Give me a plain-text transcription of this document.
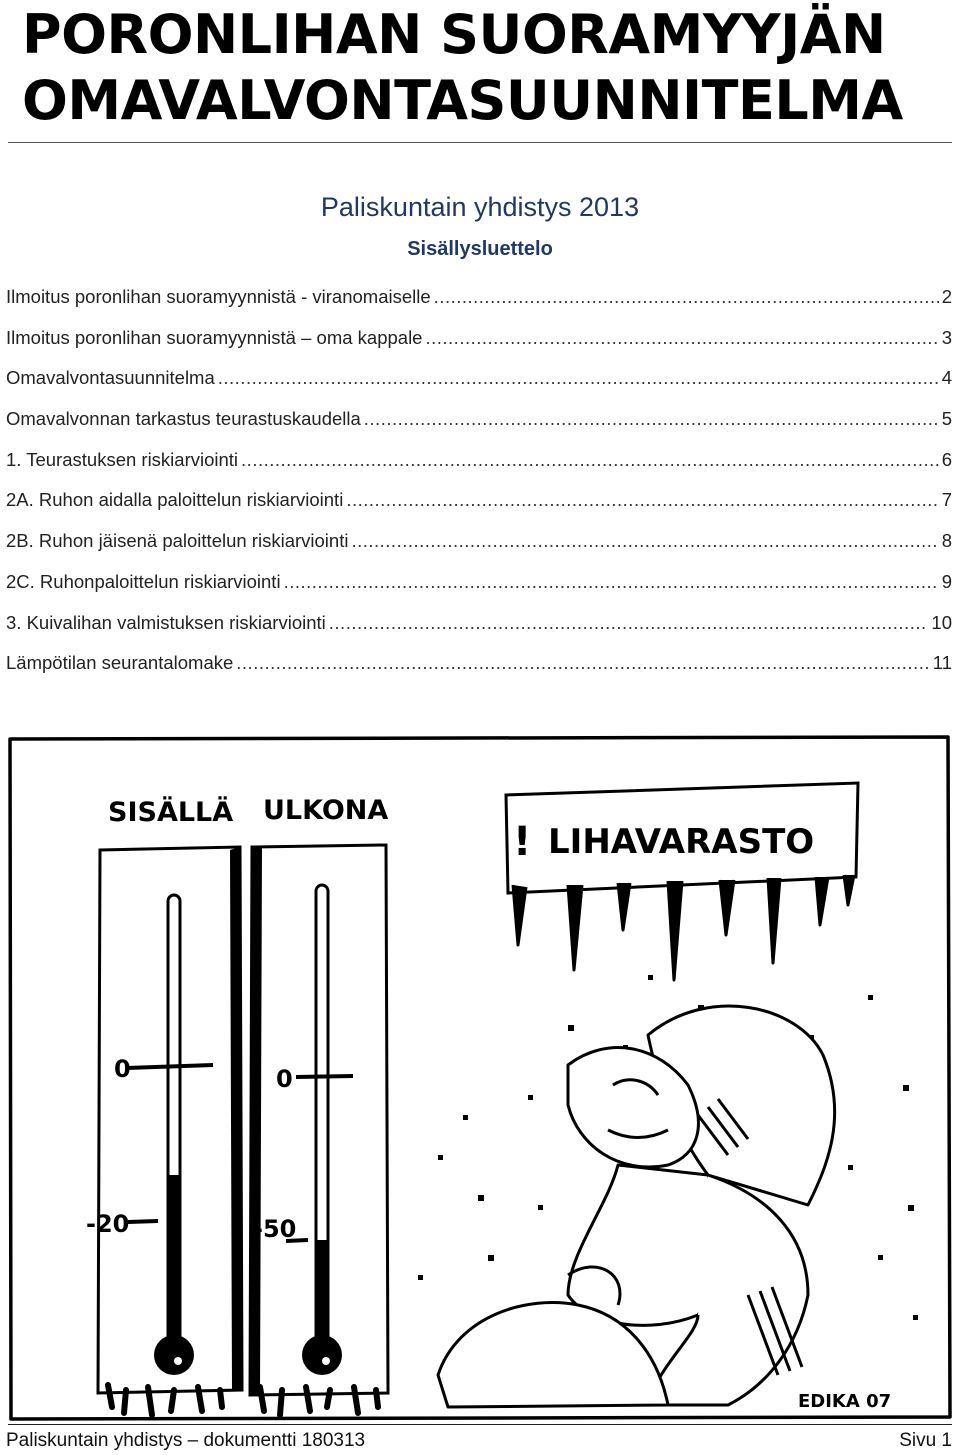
PORONLIHAN SUORAMYYJÄN
OMAVALVONTASUUNNITELMA
Paliskuntain yhdistys 2013
Sisällysluettelo
Ilmoitus poronlihan suoramyynnistä - viranomaiselle .....	2
Ilmoitus poronlihan suoramyynnistä – oma kappale .....	3
Omavalvontasuunnitelma .....	4
Omavalvonnan tarkastus teurastuskaudella .....	5
1. Teurastuksen riskiarviointi .....	6
2A. Ruhon aidalla paloittelun riskiarviointi .....	7
2B. Ruhon jäisenä paloittelun riskiarviointi .....	8
2C. Ruhonpaloittelun riskiarviointi .....	9
3. Kuivalihan valmistuksen riskiarviointi .....	10
Lämpötilan seurantalomake .....	11
SISÄLLÄ ULKONA
0
-20
0
-50
! LIHAVARASTO
EDIKA 07
Paliskuntain yhdistys – dokumentti 180313	Sivu 1
